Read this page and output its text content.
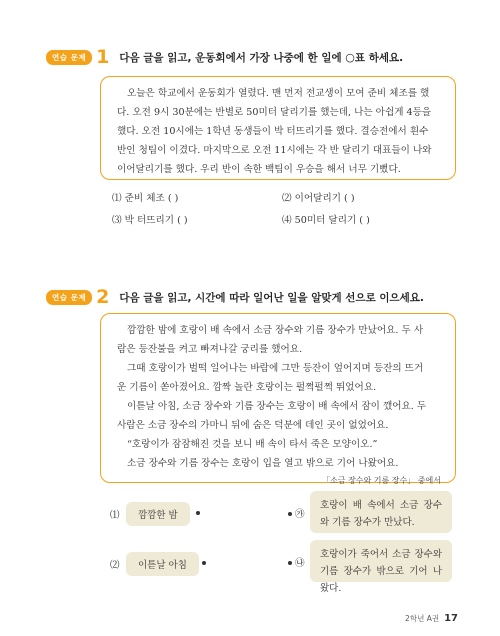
연습 문제 1 다음 글을 읽고, 운동회에서 가장 나중에 한 일에 ○표 하세요.

오늘은 학교에서 운동회가 열렸다. 맨 먼저 전교생이 모여 준비 체조를 했

다. 오전 9시 30분에는 반별로 50미터 달리기를 했는데, 나는 아쉽게 4등을

했다. 오전 10시에는 1학년 동생들이 박 터뜨리기를 했다. 결승전에서 흰수

반인 청팀이 이겼다. 마지막으로 오전 11시에는 각 반 달리기 대표들이 나와

이어달리기를 했다. 우리 반이 속한 백팀이 우승을 해서 너무 기뻤다.

⑴ 준비 체조 ( )	⑵ 이어달리기 ( )
⑶ 박 터뜨리기 ( )	⑷ 50미터 달리기 ( )
연습 문제 2 다음 글을 읽고, 시간에 따라 일어난 일을 알맞게 선으로 이으세요.

깜깜한 밤에 호랑이 배 속에서 소금 장수와 기름 장수가 만났어요. 두 사

람은 등잔불을 켜고 빠져나갈 궁리를 했어요.

그때 호랑이가 벌떡 일어나는 바람에 그만 등잔이 엎어지며 등잔의 뜨거

운 기름이 쏟아졌어요. 깜짝 놀란 호랑이는 펄쩍펄쩍 뛰었어요.

이튿날 아침, 소금 장수와 기름 장수는 호랑이 배 속에서 잠이 깼어요. 두

사람은 소금 장수의 가마니 뒤에 숨은 덕분에 데인 곳이 없었어요.

“호랑이가 잠잠해진 것을 보니 배 속이 타서 죽은 모양이오.”

소금 장수와 기름 장수는 호랑이 입을 열고 밖으로 기어 나왔어요.

「소금 장수와 기름 장수」 중에서
⑴	깜깜한 밤
⑵	이튿날 아침
㉮
호랑이 배 속에서 소금 장수와 기름 장수가 만났다.
㉯
호랑이가 죽어서 소금 장수와 기름 장수가 밖으로 기어 나왔다.
2학년 A권 17
